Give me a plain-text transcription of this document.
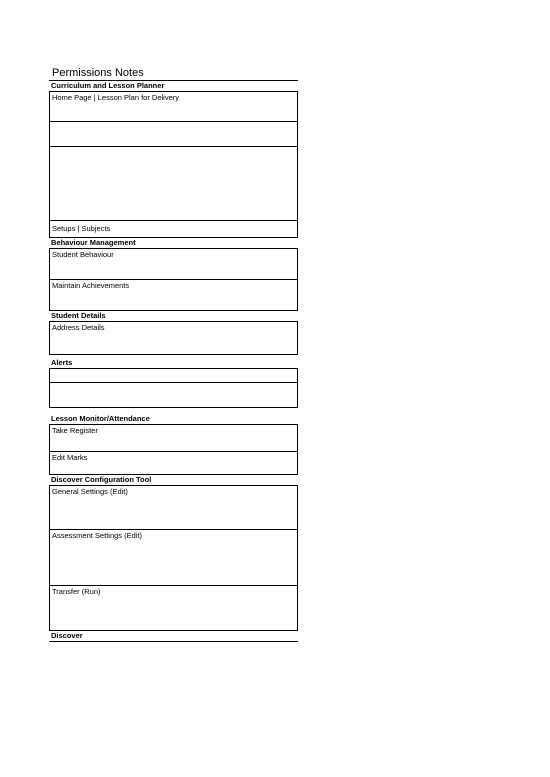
Permissions Notes
Curriculum and Lesson Planner
Home Page | Lesson Plan for Delivery
Setups | Subjects
Behaviour Management
Student Behaviour
Maintain Achievements
Student Details
Address Details
Alerts
Lesson Monitor/Attendance
Take Register
Edit Marks
Discover Configuration Tool
General Settings (Edit)
Assessment Settings (Edit)
Transfer (Run)
Discover
